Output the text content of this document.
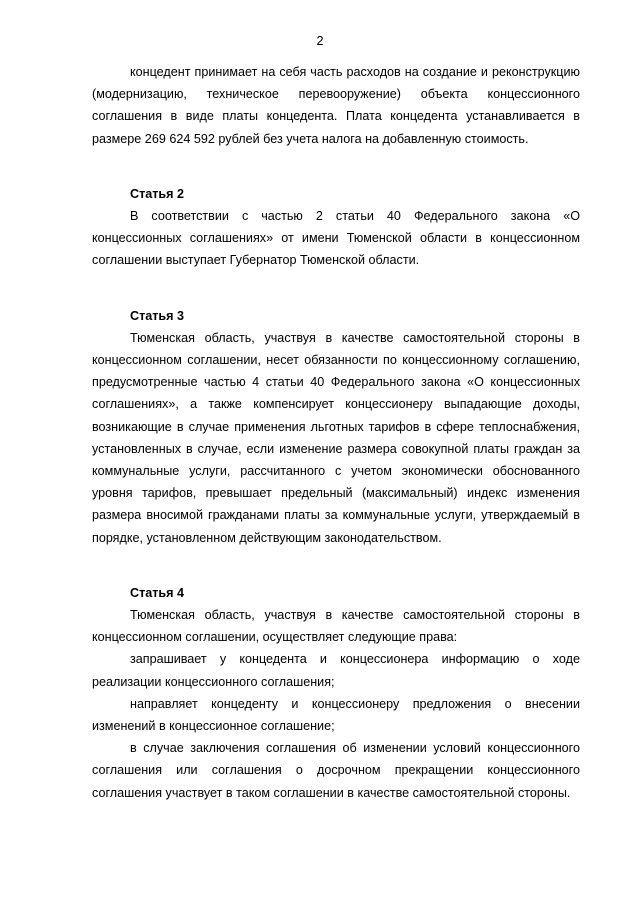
2

концедент принимает на себя часть расходов на создание и реконструкцию (модернизацию, техническое перевооружение) объекта концессионного соглашения в виде платы концедента. Плата концедента устанавливается в размере 269 624 592 рублей без учета налога на добавленную стоимость.

Статья 2

В соответствии с частью 2 статьи 40 Федерального закона «О концессионных соглашениях» от имени Тюменской области в концессионном соглашении выступает Губернатор Тюменской области.

Статья 3

Тюменская область, участвуя в качестве самостоятельной стороны в концессионном соглашении, несет обязанности по концессионному соглашению, предусмотренные частью 4 статьи 40 Федерального закона «О концессионных соглашениях», а также компенсирует концессионеру выпадающие доходы, возникающие в случае применения льготных тарифов в сфере теплоснабжения, установленных в случае, если изменение размера совокупной платы граждан за коммунальные услуги, рассчитанного с учетом экономически обоснованного уровня тарифов, превышает предельный (максимальный) индекс изменения размера вносимой гражданами платы за коммунальные услуги, утверждаемый в порядке, установленном действующим законодательством.

Статья 4

Тюменская область, участвуя в качестве самостоятельной стороны в концессионном соглашении, осуществляет следующие права:

запрашивает у концедента и концессионера информацию о ходе реализации концессионного соглашения;

направляет концеденту и концессионеру предложения о внесении изменений в концессионное соглашение;

в случае заключения соглашения об изменении условий концессионного соглашения или соглашения о досрочном прекращении концессионного соглашения участвует в таком соглашении в качестве самостоятельной стороны.
